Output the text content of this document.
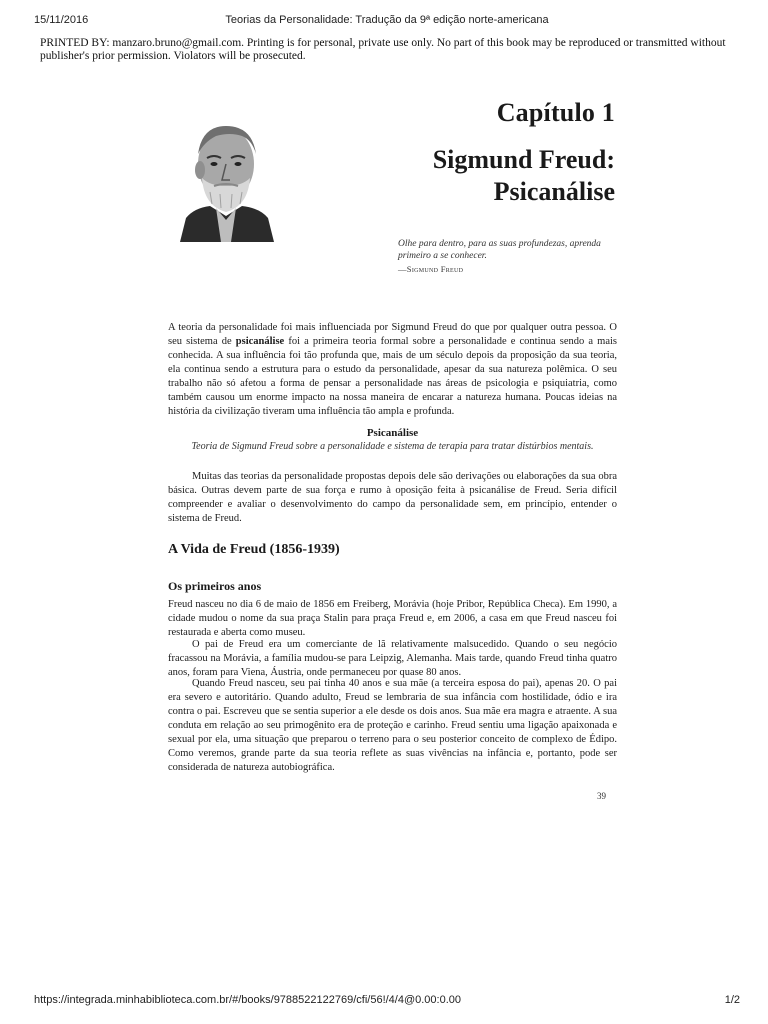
15/11/2016	Teorias da Personalidade: Tradução da 9ª edição norte-americana
PRINTED BY: manzaro.bruno@gmail.com. Printing is for personal, private use only. No part of this book may be reproduced or transmitted without publisher's prior permission. Violators will be prosecuted.
Capítulo 1
Sigmund Freud:
Psicanálise
Olhe para dentro, para as suas profundezas, aprenda primeiro a se conhecer.
—Sigmund Freud
A teoria da personalidade foi mais influenciada por Sigmund Freud do que por qualquer outra pessoa. O seu sistema de psicanálise foi a primeira teoria formal sobre a personalidade e continua sendo a mais conhecida. A sua influência foi tão profunda que, mais de um século depois da proposição da sua teoria, ela continua sendo a estrutura para o estudo da personalidade, apesar da sua natureza polêmica. O seu trabalho não só afetou a forma de pensar a personalidade nas áreas de psicologia e psiquiatria, como também causou um enorme impacto na nossa maneira de encarar a natureza humana. Poucas ideias na história da civilização tiveram uma influência tão ampla e profunda.
Psicanálise
Teoria de Sigmund Freud sobre a personalidade e sistema de terapia para tratar distúrbios mentais.
Muitas das teorias da personalidade propostas depois dele são derivações ou elaborações da sua obra básica. Outras devem parte de sua força e rumo à oposição feita à psicanálise de Freud. Seria difícil compreender e avaliar o desenvolvimento do campo da personalidade sem, em princípio, entender o sistema de Freud.
A Vida de Freud (1856-1939)
Os primeiros anos
Freud nasceu no dia 6 de maio de 1856 em Freiberg, Morávia (hoje Pribor, República Checa). Em 1990, a cidade mudou o nome da sua praça Stalin para praça Freud e, em 2006, a casa em que Freud nasceu foi restaurada e aberta como museu.
O pai de Freud era um comerciante de lã relativamente malsucedido. Quando o seu negócio fracassou na Morávia, a família mudou-se para Leipzig, Alemanha. Mais tarde, quando Freud tinha quatro anos, foram para Viena, Áustria, onde permaneceu por quase 80 anos.
Quando Freud nasceu, seu pai tinha 40 anos e sua mãe (a terceira esposa do pai), apenas 20. O pai era severo e autoritário. Quando adulto, Freud se lembraria de sua infância com hostilidade, ódio e ira contra o pai. Escreveu que se sentia superior a ele desde os dois anos. Sua mãe era magra e atraente. A sua conduta em relação ao seu primogênito era de proteção e carinho. Freud sentiu uma ligação apaixonada e sexual por ela, uma situação que preparou o terreno para o seu posterior conceito de complexo de Édipo. Como veremos, grande parte da sua teoria reflete as suas vivências na infância e, portanto, pode ser considerada de natureza autobiográfica.
39
https://integrada.minhabiblioteca.com.br/#/books/9788522122769/cfi/56!/4/4@0.00:0.00	1/2
